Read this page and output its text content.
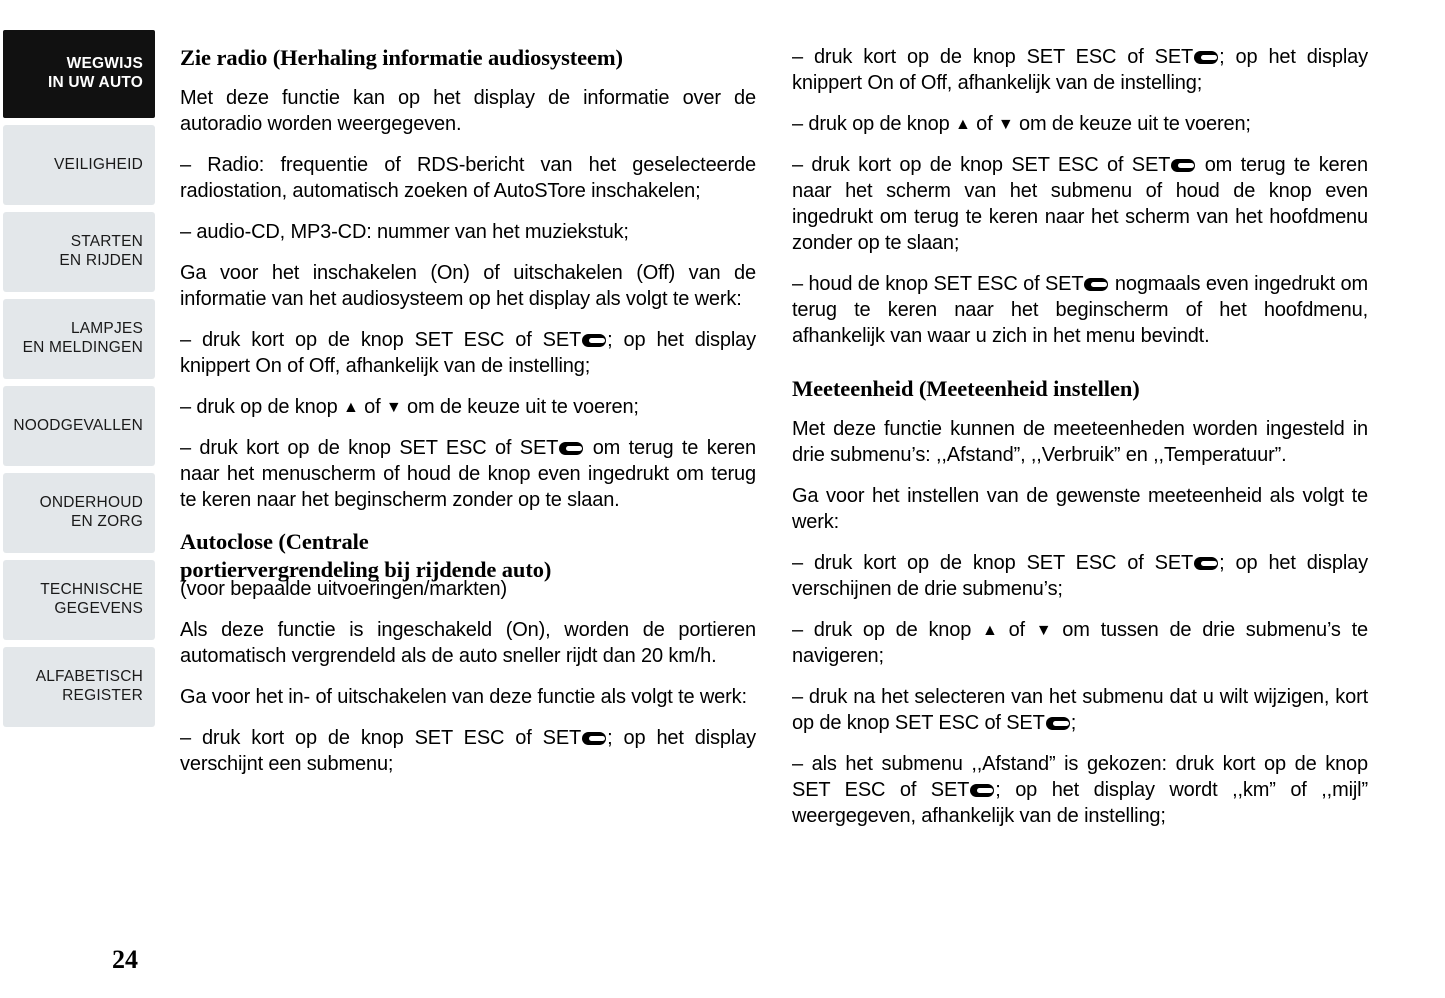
WEGWIJS
IN UW AUTO
VEILIGHEID
STARTEN
EN RIJDEN
LAMPJES
EN MELDINGEN
NOODGEVALLEN
ONDERHOUD
EN ZORG
TECHNISCHE
GEGEVENS
ALFABETISCH
REGISTER
24
Zie radio (Herhaling informatie audiosysteem)

Met deze functie kan op het display de informatie over de autoradio worden weergegeven.

– Radio: frequentie of RDS-bericht van het geselecteerde radiostation, automatisch zoeken of AutoSTore inschakelen;

– audio-CD, MP3-CD: nummer van het muziekstuk;

Ga voor het inschakelen (On) of uitschakelen (Off) van de informatie van het audiosysteem op het display als volgt te werk:

– druk kort op de knop SET ESC of SET ; op het display knippert On of Off, afhankelijk van de instelling;

– druk op de knop ▲ of ▼ om de keuze uit te voeren;

– druk kort op de knop SET ESC of SET om terug te keren naar het menuscherm of houd de knop even ingedrukt om terug te keren naar het beginscherm zonder op te slaan.

Autoclose (Centrale
portiervergrendeling bij rijdende auto)

(voor bepaalde uitvoeringen/markten)

Als deze functie is ingeschakeld (On), worden de portieren automatisch vergrendeld als de auto sneller rijdt dan 20 km/h.

Ga voor het in- of uitschakelen van deze functie als volgt te werk:

– druk kort op de knop SET ESC of SET ; op het display verschijnt een submenu;

– druk kort op de knop SET ESC of SET ; op het display knippert On of Off, afhankelijk van de instelling;

– druk op de knop ▲ of ▼ om de keuze uit te voeren;

– druk kort op de knop SET ESC of SET om terug te keren naar het scherm van het submenu of houd de knop even ingedrukt om terug te keren naar het scherm van het hoofdmenu zonder op te slaan;

– houd de knop SET ESC of SET nogmaals even ingedrukt om terug te keren naar het beginscherm of het hoofdmenu, afhankelijk van waar u zich in het menu bevindt.

Meeteenheid (Meeteenheid instellen)

Met deze functie kunnen de meeteenheden worden ingesteld in drie submenu’s: ,,Afstand”, ,,Verbruik” en ,,Temperatuur”.

Ga voor het instellen van de gewenste meeteenheid als volgt te werk:

– druk kort op de knop SET ESC of SET ; op het display verschijnen de drie submenu’s;

– druk op de knop ▲ of ▼ om tussen de drie submenu’s te navigeren;

– druk na het selecteren van het submenu dat u wilt wijzigen, kort op de knop SET ESC of SET ;

– als het submenu ,,Afstand” is gekozen: druk kort op de knop SET ESC of SET ; op het display wordt ,,km” of ,,mijl” weergegeven, afhankelijk van de instelling;
